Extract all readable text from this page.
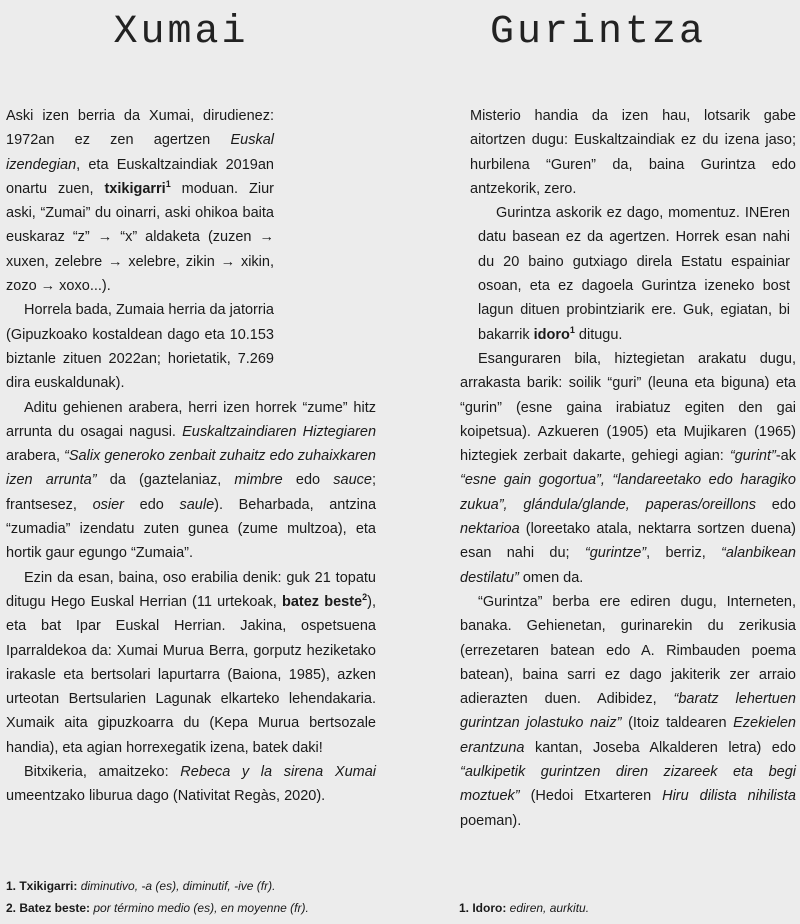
Xumai

Aski izen berria da Xumai, dirudienez: 1972an ez zen agertzen Euskal izendegian, eta Euskaltzaindiak 2019an onartu zuen, txikigarri$^1$ moduan. Ziur aski, “Zumai” du oinarri, aski ohikoa baita euskaraz “z” → “x” aldaketa (zuzen → xuxen, zelebre → xelebre, zikin → xikin, zozo → xoxo...).

Horrela bada, Zumaia herria da jatorria (Gipuzkoako kostaldean dago eta 10.153 biztanle zituen 2022an; horietatik, 7.269 dira euskaldunak).

Aditu gehienen arabera, herri izen horrek “zume” hitz arrunta du osagai nagusi. Euskaltzaindiaren Hiztegiaren arabera, “Salix generoko zenbait zuhaitz edo zuhaixkaren izen arrunta” da (gaztelaniaz, mimbre edo sauce; frantsesez, osier edo saule). Beharbada, antzina “zumadia” izendatu zuten gunea (zume multzoa), eta hortik gaur egungo “Zumaia”.

Ezin da esan, baina, oso erabilia denik: guk 21 topatu ditugu Hego Euskal Herrian (11 urtekoak, batez beste$^2$), eta bat Ipar Euskal Herrian. Jakina, ospetsuena Iparraldekoa da: Xumai Murua Berra, gorputz heziketako irakasle eta bertsolari lapurtarra (Baiona, 1985), azken urteotan Bertsularien Lagunak elkarteko lehendakaria. Xumaik aita gipuzkoarra du (Kepa Murua bertsozale handia), eta agian horrexegatik izena, batek daki!

Bitxikeria, amaitzeko: Rebeca y la sirena Xumai umeentzako liburua dago (Nativitat Regàs, 2020).

1. Txikigarri: diminutivo, -a (es), diminutif, -ive (fr).
2. Batez beste: por término medio (es), en moyenne (fr).
Gurintza

Misterio handia da izen hau, lotsarik gabe aitortzen dugu: Euskaltzaindiak ez du izena jaso; hurbilena “Guren” da, baina Gurintza edo antzekorik, zero.

Gurintza askorik ez dago, momentuz. INEren datu basean ez da agertzen. Horrek esan nahi du 20 baino gutxiago direla Estatu espainiar osoan, eta ez dagoela Gurintza izeneko bost lagun dituen probintziarik ere. Guk, egiatan, bi bakarrik idoro$^1$ ditugu.

Esanguraren bila, hiztegietan arakatu dugu, arrakasta barik: soilik “guri” (leuna eta biguna) eta “gurin” (esne gaina irabiatuz egiten den gai koipetsua). Azkueren (1905) eta Mujikaren (1965) hiztegiek zerbait dakarte, gehiegi agian: “gurint”-ak “esne gain gogortua”, “landareetako edo haragiko zukua”, glándula/glande, paperas/oreillons edo nektarioa (loreetako atala, nektarra sortzen duena) esan nahi du; “gurintze”, berriz, “alanbikean destilatu” omen da.

“Gurintza” berba ere ediren dugu, Interneten, banaka. Gehienetan, gurinarekin du zerikusia (errezetaren batean edo A. Rimbauden poema batean), baina sarri ez dago jakiterik zer arraio adierazten duen. Adibidez, “baratz lehertuen gurintzan jolastuko naiz” (Itoiz taldearen Ezekielen erantzuna kantan, Joseba Alkalderen letra) edo “aulkipetik gurintzen diren zizareek eta begi moztuek” (Hedoi Etxarteren Hiru dilista nihilista poeman).

1. Idoro: ediren, aurkitu.
